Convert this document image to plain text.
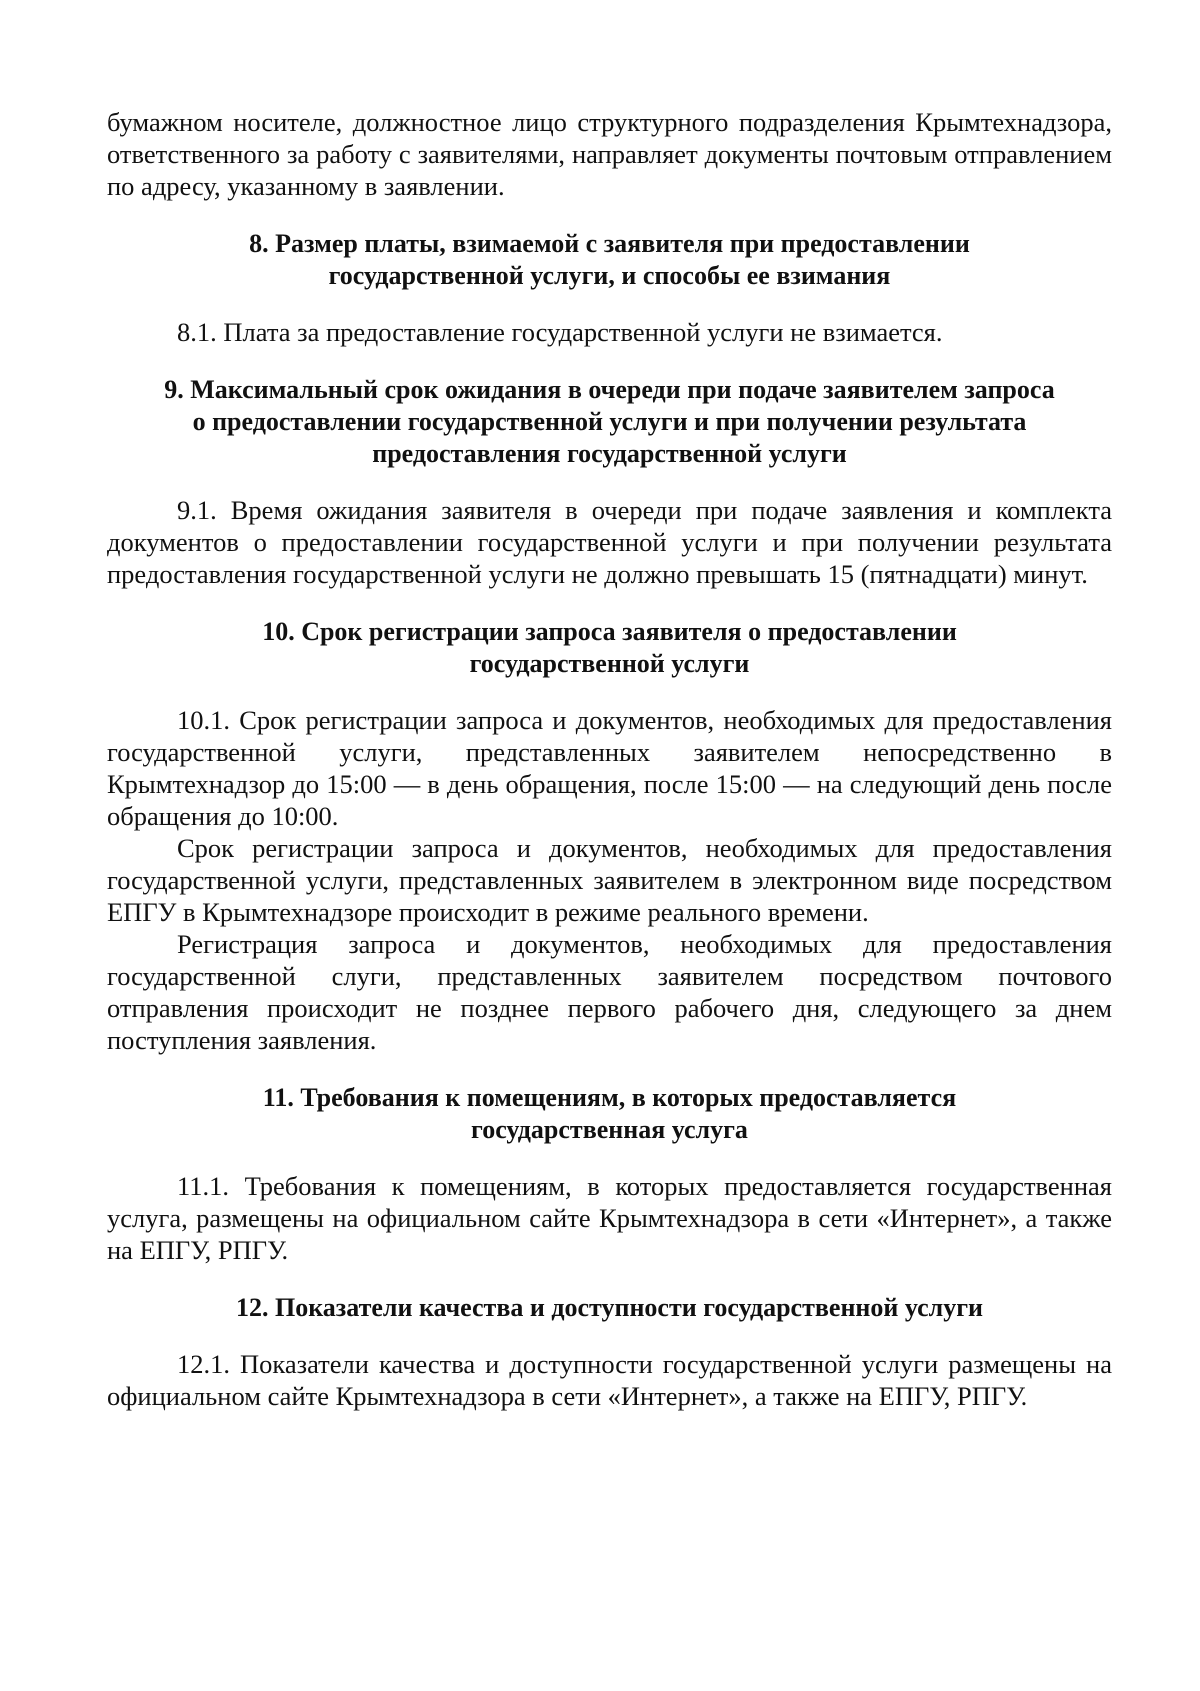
бумажном носителе, должностное лицо структурного подразделения Крымтехнадзора, ответственного за работу с заявителями, направляет документы почтовым отправлением по адресу, указанному в заявлении.

8. Размер платы, взимаемой с заявителя при предоставлении
государственной услуги, и способы ее взимания

8.1. Плата за предоставление государственной услуги не взимается.

9. Максимальный срок ожидания в очереди при подаче заявителем запроса
о предоставлении государственной услуги и при получении результата
предоставления государственной услуги

9.1. Время ожидания заявителя в очереди при подаче заявления и комплекта документов о предоставлении государственной услуги и при получении результата предоставления государственной услуги не должно превышать 15 (пятнадцати) минут.

10. Срок регистрации запроса заявителя о предоставлении
государственной услуги

10.1. Срок регистрации запроса и документов, необходимых для предоставления государственной услуги, представленных заявителем непосредственно в Крымтехнадзор до 15:00 — в день обращения, после 15:00 — на следующий день после обращения до 10:00.

Срок регистрации запроса и документов, необходимых для предоставления государственной услуги, представленных заявителем в электронном виде посредством ЕПГУ в Крымтехнадзоре происходит в режиме реального времени.

Регистрация запроса и документов, необходимых для предоставления государственной слуги, представленных заявителем посредством почтового отправления происходит не позднее первого рабочего дня, следующего за днем поступления заявления.

11. Требования к помещениям, в которых предоставляется
государственная услуга

11.1. Требования к помещениям, в которых предоставляется государственная услуга, размещены на официальном сайте Крымтехнадзора в сети «Интернет», а также на ЕПГУ, РПГУ.

12. Показатели качества и доступности государственной услуги

12.1. Показатели качества и доступности государственной услуги размещены на официальном сайте Крымтехнадзора в сети «Интернет», а также на ЕПГУ, РПГУ.
